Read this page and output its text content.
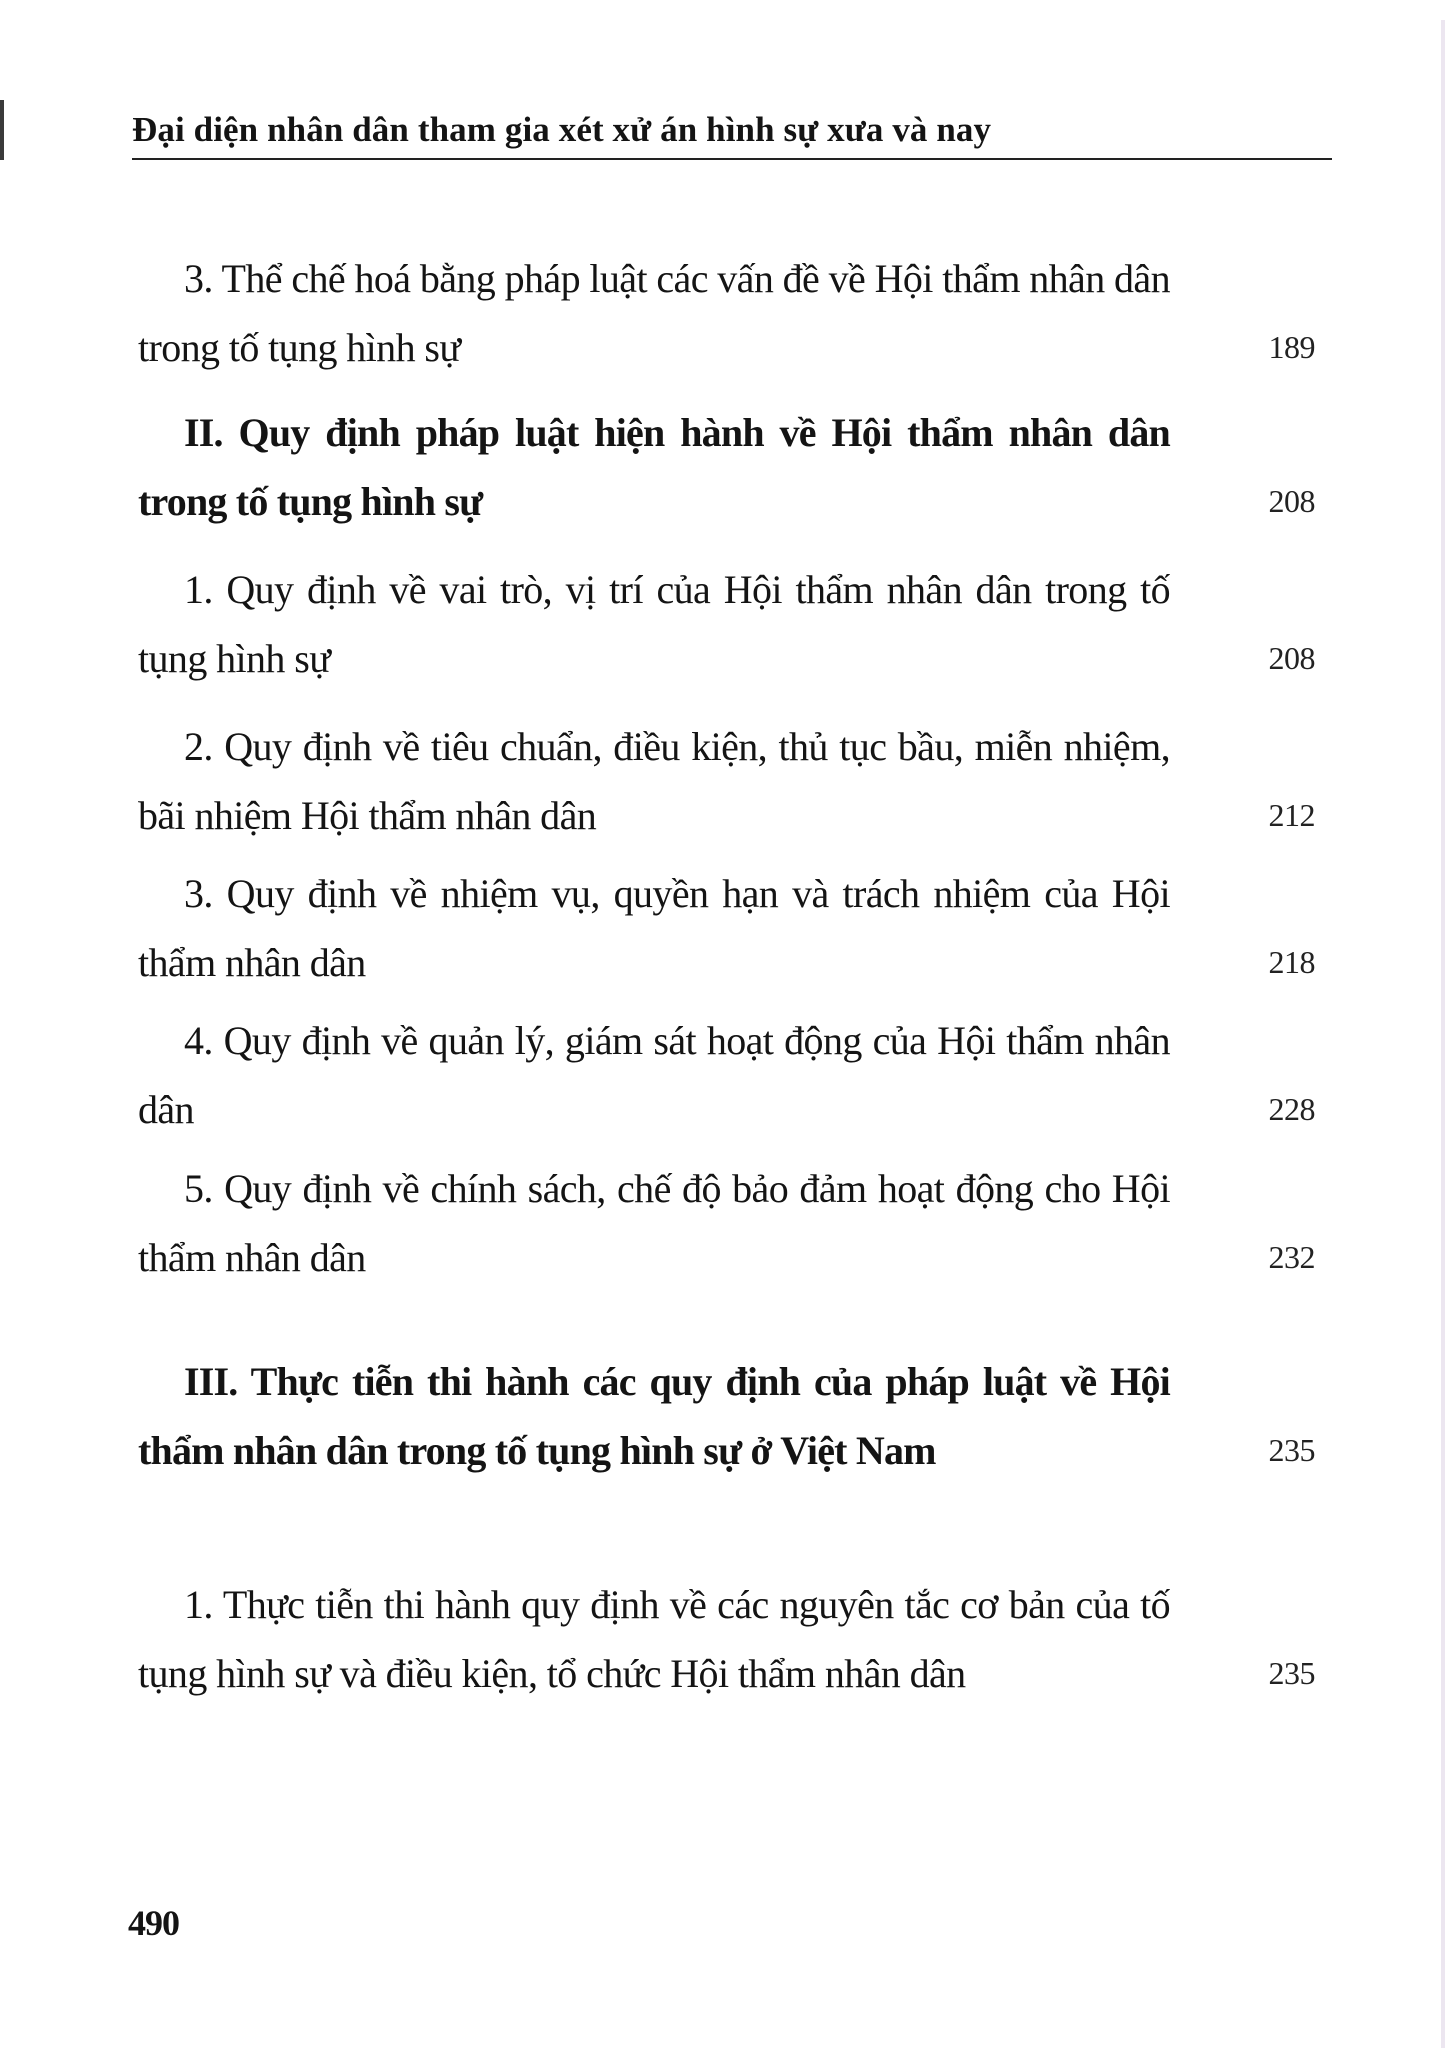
Đại diện nhân dân tham gia xét xử án hình sự xưa và nay
3. Thể chế hoá bằng pháp luật các vấn đề về Hội thẩm nhân dân trong tố tụng hình sự	189
II. Quy định pháp luật hiện hành về Hội thẩm nhân dân trong tố tụng hình sự	208
1. Quy định về vai trò, vị trí của Hội thẩm nhân dân trong tố tụng hình sự	208
2. Quy định về tiêu chuẩn, điều kiện, thủ tục bầu, miễn nhiệm, bãi nhiệm Hội thẩm nhân dân	212
3. Quy định về nhiệm vụ, quyền hạn và trách nhiệm của Hội thẩm nhân dân	218
4. Quy định về quản lý, giám sát hoạt động của Hội thẩm nhân dân	228
5. Quy định về chính sách, chế độ bảo đảm hoạt động cho Hội thẩm nhân dân	232
III. Thực tiễn thi hành các quy định của pháp luật về Hội thẩm nhân dân trong tố tụng hình sự ở Việt Nam	235
1. Thực tiễn thi hành quy định về các nguyên tắc cơ bản của tố tụng hình sự và điều kiện, tổ chức Hội thẩm nhân dân	235
490
